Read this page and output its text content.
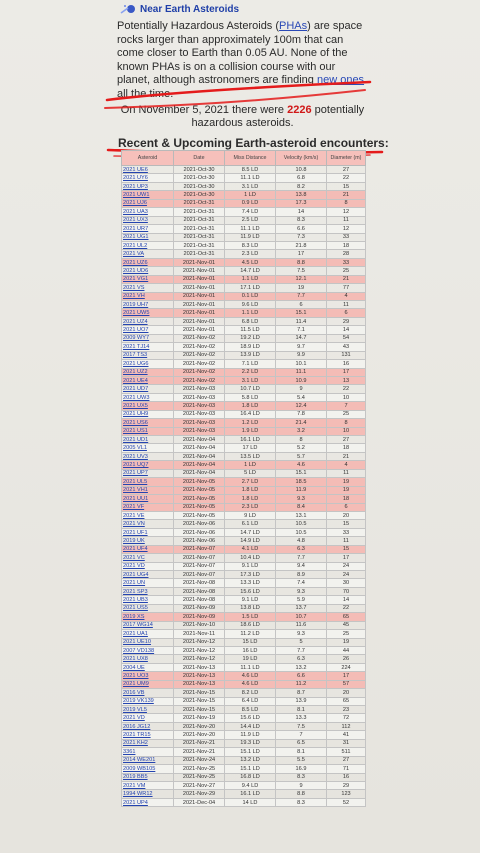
Near Earth Asteroids
Potentially Hazardous Asteroids (PHAs) are space rocks larger than approximately 100m that can come closer to Earth than 0.05 AU. None of the known PHAs is on a collision course with our planet, although astronomers are finding new ones all the time.
On November 5, 2021 there were 2226 potentially hazardous asteroids.
Recent & Upcoming Earth-asteroid encounters:
Asteroid	Date	Miss Distance	Velocity (km/s)	Diameter (m)
2021 UE6	2021-Oct-30	8.5 LD	10.8	27
2021 UY6	2021-Oct-30	11.1 LD	6.8	22
2021 UP3	2021-Oct-30	3.1 LD	8.2	15
2021 UW1	2021-Oct-30	1 LD	13.8	21
2021 UJ6	2021-Oct-31	0.9 LD	17.3	8
2021 UA3	2021-Oct-31	7.4 LD	14	12
2021 UX3	2021-Oct-31	2.5 LD	8.3	11
2021 UR7	2021-Oct-31	11.1 LD	6.6	12
2021 UG1	2021-Oct-31	11.9 LD	7.3	33
2021 UL2	2021-Oct-31	8.3 LD	21.8	18
2021 VA	2021-Oct-31	2.3 LD	17	28
2021 UZ6	2021-Nov-01	4.5 LD	8.8	33
2021 UD6	2021-Nov-01	14.7 LD	7.5	25
2021 VG1	2021-Nov-01	1.1 LD	12.1	21
2021 VS	2021-Nov-01	17.1 LD	19	77
2021 VH	2021-Nov-01	0.1 LD	7.7	4
2019 UH7	2021-Nov-01	9.6 LD	6	11
2021 UW5	2021-Nov-01	1.1 LD	15.1	6
2021 UZ4	2021-Nov-01	6.8 LD	11.4	29
2021 UO7	2021-Nov-01	11.5 LD	7.1	14
2009 WY7	2021-Nov-02	19.2 LD	14.7	54
2021 TJ14	2021-Nov-02	18.9 LD	9.7	43
2017 TS3	2021-Nov-02	13.9 LD	9.9	131
2021 UG6	2021-Nov-02	7.1 LD	10.1	16
2021 UZ2	2021-Nov-02	2.2 LD	11.1	17
2021 UE4	2021-Nov-02	3.1 LD	10.9	13
2021 UD7	2021-Nov-03	10.7 LD	9	22
2021 UW3	2021-Nov-03	5.8 LD	5.4	10
2021 UX5	2021-Nov-03	1.8 LD	12.4	7
2021 UH9	2021-Nov-03	16.4 LD	7.8	25
2021 US6	2021-Nov-03	1.2 LD	21.4	8
2021 US1	2021-Nov-03	1.9 LD	3.2	10
2021 UD1	2021-Nov-04	16.1 LD	8	27
2005 VL1	2021-Nov-04	17 LD	5.2	18
2021 UV3	2021-Nov-04	13.5 LD	5.7	21
2021 UQ7	2021-Nov-04	1 LD	4.6	4
2021 UP7	2021-Nov-04	5 LD	15.1	11
2021 UL5	2021-Nov-05	2.7 LD	18.5	19
2021 VH1	2021-Nov-05	1.8 LD	11.9	19
2021 UU1	2021-Nov-05	1.8 LD	9.3	18
2021 VF	2021-Nov-05	2.3 LD	8.4	6
2021 VE	2021-Nov-05	9 LD	13.1	20
2021 VN	2021-Nov-06	6.1 LD	10.5	15
2021 UF1	2021-Nov-06	14.7 LD	10.5	33
2019 UK	2021-Nov-06	14.9 LD	4.8	11
2021 UF4	2021-Nov-07	4.1 LD	6.3	15
2021 VC	2021-Nov-07	10.4 LD	7.7	17
2021 VD	2021-Nov-07	9.1 LD	9.4	24
2021 UG4	2021-Nov-07	17.3 LD	8.9	24
2021 UN	2021-Nov-08	13.3 LD	7.4	30
2021 SP3	2021-Nov-08	15.6 LD	9.3	70
2021 UB3	2021-Nov-08	9.1 LD	5.9	14
2021 US5	2021-Nov-09	13.8 LD	13.7	22
2019 XS	2021-Nov-09	1.5 LD	10.7	65
2017 WG14	2021-Nov-10	18.6 LD	11.6	45
2021 UA1	2021-Nov-11	11.2 LD	9.3	25
2021 UE10	2021-Nov-12	15 LD	5	19
2007 VD138	2021-Nov-12	16 LD	7.7	44
2021 UX8	2021-Nov-12	19 LD	6.3	26
2004 UE	2021-Nov-13	11.1 LD	13.2	224
2021 UO3	2021-Nov-13	4.6 LD	6.6	17
2021 UM9	2021-Nov-13	4.6 LD	11.2	57
2016 VB	2021-Nov-15	8.2 LD	8.7	20
2019 VK139	2021-Nov-15	6.4 LD	13.9	65
2019 VL5	2021-Nov-15	8.5 LD	8.1	23
2021 VD	2021-Nov-19	15.6 LD	13.3	72
2016 JG12	2021-Nov-20	14.4 LD	7.5	112
2021 TR15	2021-Nov-20	11.9 LD	7	41
2021 KH2	2021-Nov-21	19.3 LD	6.5	31
3361	2021-Nov-21	15.1 LD	8.1	511
2014 WE201	2021-Nov-24	13.2 LD	5.5	27
2009 WB105	2021-Nov-25	15.1 LD	16.9	71
2019 BB5	2021-Nov-25	16.8 LD	8.3	16
2021 VM	2021-Nov-27	9.4 LD	9	29
1994 WR12	2021-Nov-29	16.1 LD	8.8	123
2021 UP4	2021-Dec-04	14 LD	8.3	52
